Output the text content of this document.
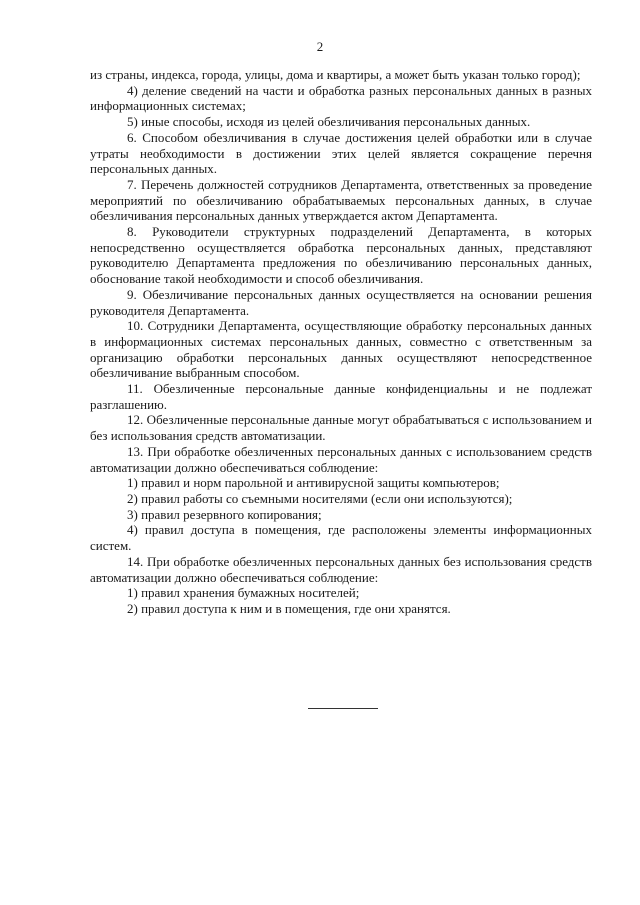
2

из страны, индекса, города, улицы, дома и квартиры, а может быть указан только город);

4) деление сведений на части и обработка разных персональных данных в разных информационных системах;

5) иные способы, исходя из целей обезличивания персональных данных.

6. Способом обезличивания в случае достижения целей обработки или в случае утраты необходимости в достижении этих целей является сокращение перечня персональных данных.

7. Перечень должностей сотрудников Департамента, ответственных за проведение мероприятий по обезличиванию обрабатываемых персональных данных, в случае обезличивания персональных данных утверждается актом Департамента.

8. Руководители структурных подразделений Департамента, в которых непосредственно осуществляется обработка персональных данных, представляют руководителю Департамента предложения по обезличиванию персональных данных, обоснование такой необходимости и способ обезличивания.

9. Обезличивание персональных данных осуществляется на основании решения руководителя Департамента.

10. Сотрудники Департамента, осуществляющие обработку персональных данных в информационных системах персональных данных, совместно с ответственным за организацию обработки персональных данных осуществляют непосредственное обезличивание выбранным способом.

11. Обезличенные персональные данные конфиденциальны и не подлежат разглашению.

12. Обезличенные персональные данные могут обрабатываться с использованием и без использования средств автоматизации.

13. При обработке обезличенных персональных данных с использованием средств автоматизации должно обеспечиваться соблюдение:

1) правил и норм парольной и антивирусной защиты компьютеров;

2) правил работы со съемными носителями (если они используются);

3) правил резервного копирования;

4) правил доступа в помещения, где расположены элементы информационных систем.

14. При обработке обезличенных персональных данных без использования средств автоматизации должно обеспечиваться соблюдение:

1) правил хранения бумажных носителей;

2) правил доступа к ним и в помещения, где они хранятся.
